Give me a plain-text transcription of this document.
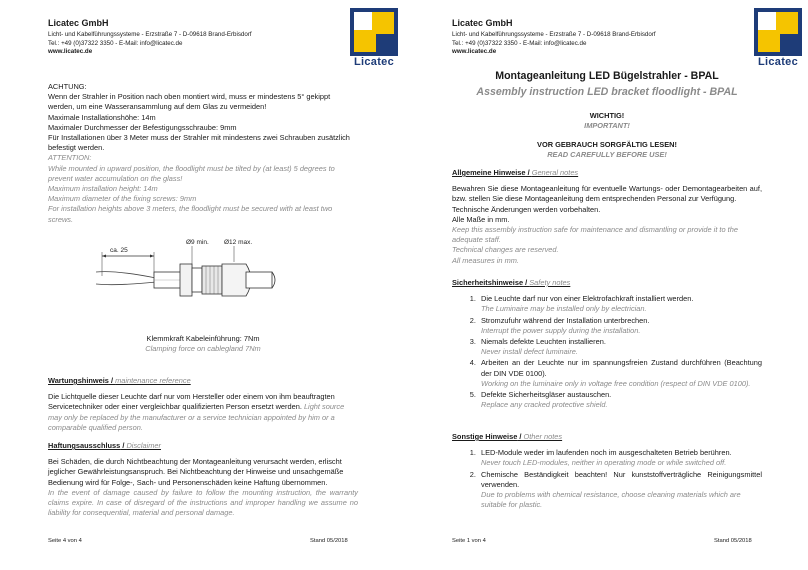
Licatec GmbH
Licht- und Kabelführungssysteme - Erzstraße 7 - D-09618 Brand-Erbisdorf
Tel.: +49 (0)37322 3350 - E-Mail: info@licatec.de
www.licatec.de
Licatec
ACHTUNG:
Wenn der Strahler in Position nach oben montiert wird, muss er mindestens 5° gekippt werden, um eine Wasseransammlung auf dem Glas zu vermeiden!
Maximale Installationshöhe: 14m
Maximaler Durchmesser der Befestigungsschraube: 9mm
Für Installationen über 3 Meter muss der Strahler mit mindestens zwei Schrauben zusätzlich befestigt werden.
ATTENTION:
While mounted in upward position, the floodlight must be tilted by (at least) 5 degrees to prevent water accumulation on the glass!
Maximum installation height: 14m
Maximum diameter of the fixing screws: 9mm
For installation heights above 3 meters, the floodlight must be secured with at least two screws.
ca. 25
Ø9 min. Ø12 max.
Klemmkraft Kabeleinführung: 7Nm
Clamping force on cablegland 7Nm
Wartungshinweis / maintenance reference
Die Lichtquelle dieser Leuchte darf nur vom Hersteller oder einem von ihm beauftragten Servicetechniker oder einer vergleichbar qualifizierten Person ersetzt werden. Light source may only be replaced by the manufacturer or a service technician appointed by him or a comparable qualified person.
Haftungsausschluss / Disclaimer
Bei Schäden, die durch Nichtbeachtung der Montageanleitung verursacht werden, erlischt jeglicher Gewährleistungsanspruch. Bei Nichtbeachtung der Hinweise und unsachgemäße Bedienung wird für Folge-, Sach- und Personenschäden keine Haftung übernommen.
In the event of damage caused by failure to follow the mounting instruction, the warranty claims expire. In case of disregard of the instructions and improper handling we assume no liability for consequential, material and personal damage.
Seite 4 von 4	Stand 05/2018
Licatec GmbH
Licht- und Kabelführungssysteme - Erzstraße 7 - D-09618 Brand-Erbisdorf
Tel.: +49 (0)37322 3350 - E-Mail: info@licatec.de
www.licatec.de
Licatec
Montageanleitung LED Bügelstrahler - BPAL
Assembly instruction LED bracket floodlight - BPAL
WICHTIG!
IMPORTANT!
VOR GEBRAUCH SORGFÄLTIG LESEN!
READ CAREFULLY BEFORE USE!
Allgemeine Hinweise / General notes
Bewahren Sie diese Montageanleitung für eventuelle Wartungs- oder Demontagearbeiten auf, bzw. stellen Sie diese Montageanleitung dem entsprechenden Personal zur Verfügung.
Technische Änderungen werden vorbehalten.
Alle Maße in mm.
Keep this assembly instruction safe for maintenance and dismantling or provide it to the adequate staff.
Technical changes are reserved.
All measures in mm.
Sicherheitshinweise / Safety notes
1. Die Leuchte darf nur von einer Elektrofachkraft installiert werden.
The Luminaire may be installed only by electrician.
2. Stromzufuhr während der Installation unterbrechen.
Interrupt the power supply during the installation.
3. Niemals defekte Leuchten installieren.
Never install defect luminaire.
4. Arbeiten an der Leuchte nur im spannungsfreien Zustand durchführen (Beachtung der DIN VDE 0100).
Working on the luminaire only in voltage free condition (respect of DIN VDE 0100).
5. Defekte Sicherheitsgläser austauschen.
Replace any cracked protective shield.
Sonstige Hinweise / Other notes
1. LED-Module weder im laufenden noch im ausgeschalteten Betrieb berühren.
Never touch LED-modules, neither in operating mode or while switched off.
2. Chemische Beständigkeit beachten! Nur kunststoffverträgliche Reinigungsmittel verwenden.
Due to problems with chemical resistance, choose cleaning materials which are suitable for plastic.
Seite 1 von 4	Stand 05/2018
